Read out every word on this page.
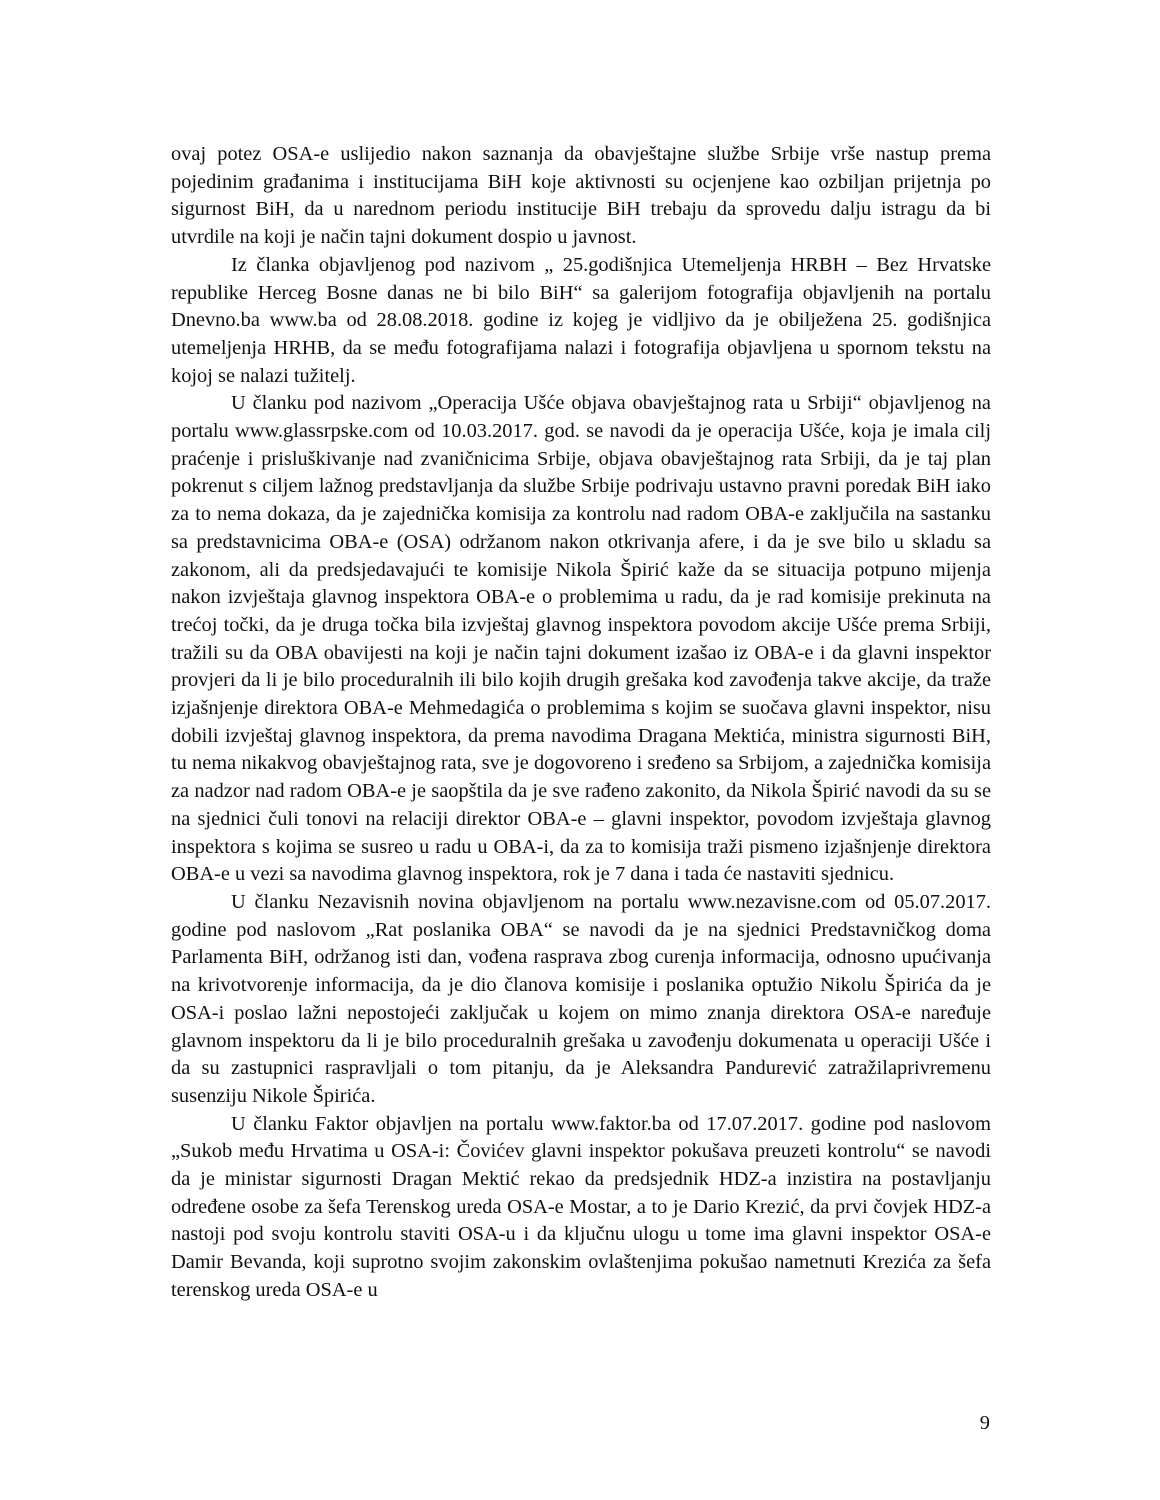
ovaj potez OSA-e uslijedio nakon saznanja da obavještajne službe Srbije vrše nastup prema pojedinim građanima i institucijama BiH koje aktivnosti su ocjenjene kao ozbiljan prijetnja po sigurnost BiH, da u narednom periodu institucije BiH trebaju da sprovedu dalju istragu da bi utvrdile na koji je način tajni dokument dospio u javnost.

Iz članka objavljenog pod nazivom „ 25.godišnjica Utemeljenja HRBH – Bez Hrvatske republike Herceg Bosne danas ne bi bilo BiH“ sa galerijom fotografija objavljenih na portalu Dnevno.ba www.ba od 28.08.2018. godine iz kojeg je vidljivo da je obilježena 25. godišnjica utemeljenja HRHB, da se među fotografijama nalazi i fotografija objavljena u spornom tekstu na kojoj se nalazi tužitelj.

U članku pod nazivom „Operacija Ušće objava obavještajnog rata u Srbiji“ objavljenog na portalu www.glassrpske.com od 10.03.2017. god. se navodi da je operacija Ušće, koja je imala cilj praćenje i prisluškivanje nad zvaničnicima Srbije, objava obavještajnog rata Srbiji, da je taj plan pokrenut s ciljem lažnog predstavljanja da službe Srbije podrivaju ustavno pravni poredak BiH iako za to nema dokaza, da je zajednička komisija za kontrolu nad radom OBA-e zaključila na sastanku sa predstavnicima OBA-e (OSA) održanom nakon otkrivanja afere, i da je sve bilo u skladu sa zakonom, ali da predsjedavajući te komisije Nikola Špirić kaže da se situacija potpuno mijenja nakon izvještaja glavnog inspektora OBA-e o problemima u radu, da je rad komisije prekinuta na trećoj točki, da je druga točka bila izvještaj glavnog inspektora povodom akcije Ušće prema Srbiji, tražili su da OBA obavijesti na koji je način tajni dokument izašao iz OBA-e i da glavni inspektor provjeri da li je bilo proceduralnih ili bilo kojih drugih grešaka kod zavođenja takve akcije, da traže izjašnjenje direktora OBA-e Mehmedagića o problemima s kojim se suočava glavni inspektor, nisu dobili izvještaj glavnog inspektora, da prema navodima Dragana Mektića, ministra sigurnosti BiH, tu nema nikakvog obavještajnog rata, sve je dogovoreno i sređeno sa Srbijom, a zajednička komisija za nadzor nad radom OBA-e je saopštila da je sve rađeno zakonito, da Nikola Špirić navodi da su se na sjednici čuli tonovi na relaciji direktor OBA-e – glavni inspektor, povodom izvještaja glavnog inspektora s kojima se susreo u radu u OBA-i, da za to komisija traži pismeno izjašnjenje direktora OBA-e u vezi sa navodima glavnog inspektora, rok je 7 dana i tada će nastaviti sjednicu.

U članku Nezavisnih novina objavljenom na portalu www.nezavisne.com od 05.07.2017. godine pod naslovom „Rat poslanika OBA“ se navodi da je na sjednici Predstavničkog doma Parlamenta BiH, održanog isti dan, vođena rasprava zbog curenja informacija, odnosno upućivanja na krivotvorenje informacija, da je dio članova komisije i poslanika optužio Nikolu Špirića da je OSA-i poslao lažni nepostojeći zaključak u kojem on mimo znanja direktora OSA-e naređuje glavnom inspektoru da li je bilo proceduralnih grešaka u zavođenju dokumenata u operaciji Ušće i da su zastupnici raspravljali o tom pitanju, da je Aleksandra Pandurević zatražilaprivremenu susenziju Nikole Špirića.

U članku Faktor objavljen na portalu www.faktor.ba od 17.07.2017. godine pod naslovom „Sukob među Hrvatima u OSA-i: Čovićev glavni inspektor pokušava preuzeti kontrolu“ se navodi da je ministar sigurnosti Dragan Mektić rekao da predsjednik HDZ-a inzistira na postavljanju određene osobe za šefa Terenskog ureda OSA-e Mostar, a to je Dario Krezić, da prvi čovjek HDZ-a nastoji pod svoju kontrolu staviti OSA-u i da ključnu ulogu u tome ima glavni inspektor OSA-e Damir Bevanda, koji suprotno svojim zakonskim ovlaštenjima pokušao nametnuti Krezića za šefa terenskog ureda OSA-e u

9
